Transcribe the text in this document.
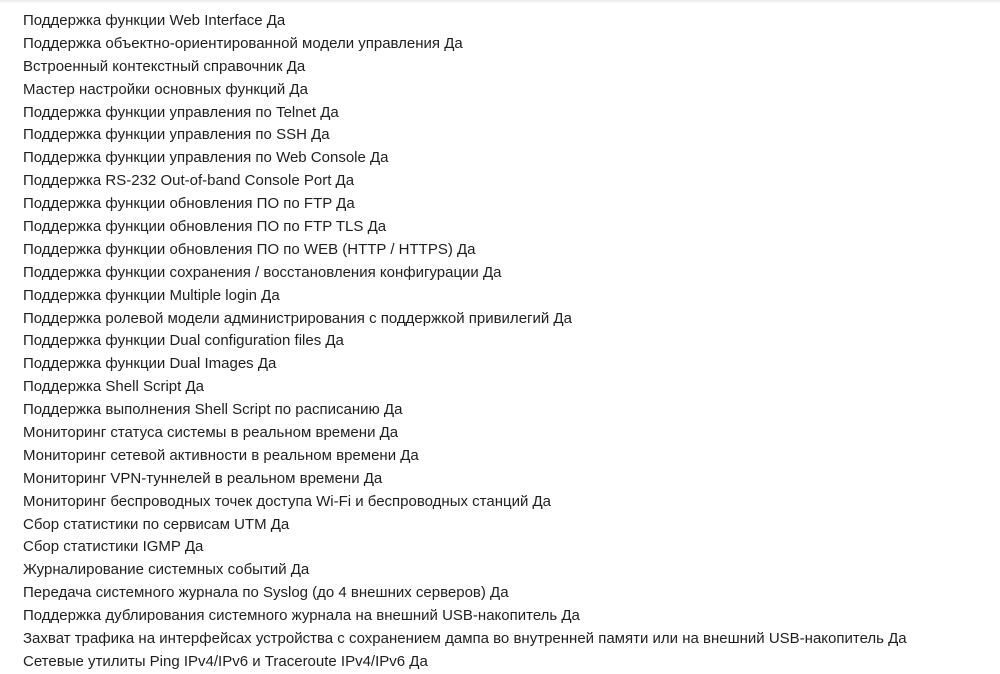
Поддержка функции Web Interface Да
Поддержка объектно-ориентированной модели управления Да
Встроенный контекстный справочник Да
Мастер настройки основных функций Да
Поддержка функции управления по Telnet Да
Поддержка функции управления по SSH Да
Поддержка функции управления по Web Console Да
Поддержка RS-232 Out-of-band Console Port Да
Поддержка функции обновления ПО по FTP Да
Поддержка функции обновления ПО по FTP TLS Да
Поддержка функции обновления ПО по WEB (HTTP / HTTPS) Да
Поддержка функции сохранения / восстановления конфигурации Да
Поддержка функции Multiple login Да
Поддержка ролевой модели администрирования с поддержкой привилегий Да
Поддержка функции Dual configuration files Да
Поддержка функции Dual Images Да
Поддержка Shell Script Да
Поддержка выполнения Shell Script по расписанию Да
Мониторинг статуса системы в реальном времени Да
Мониторинг сетевой активности в реальном времени Да
Мониторинг VPN-туннелей в реальном времени Да
Мониторинг беспроводных точек доступа Wi-Fi и беспроводных станций Да
Сбор статистики по сервисам UTM Да
Сбор статистики IGMP Да
Журналирование системных событий Да
Передача системного журнала по Syslog (до 4 внешних серверов) Да
Поддержка дублирования системного журнала на внешний USB-накопитель Да
Захват трафика на интерфейсах устройства с сохранением дампа во внутренней памяти или на внешний USB-накопитель Да
Сетевые утилиты Ping IPv4/IPv6 и Traceroute IPv4/IPv6 Да
